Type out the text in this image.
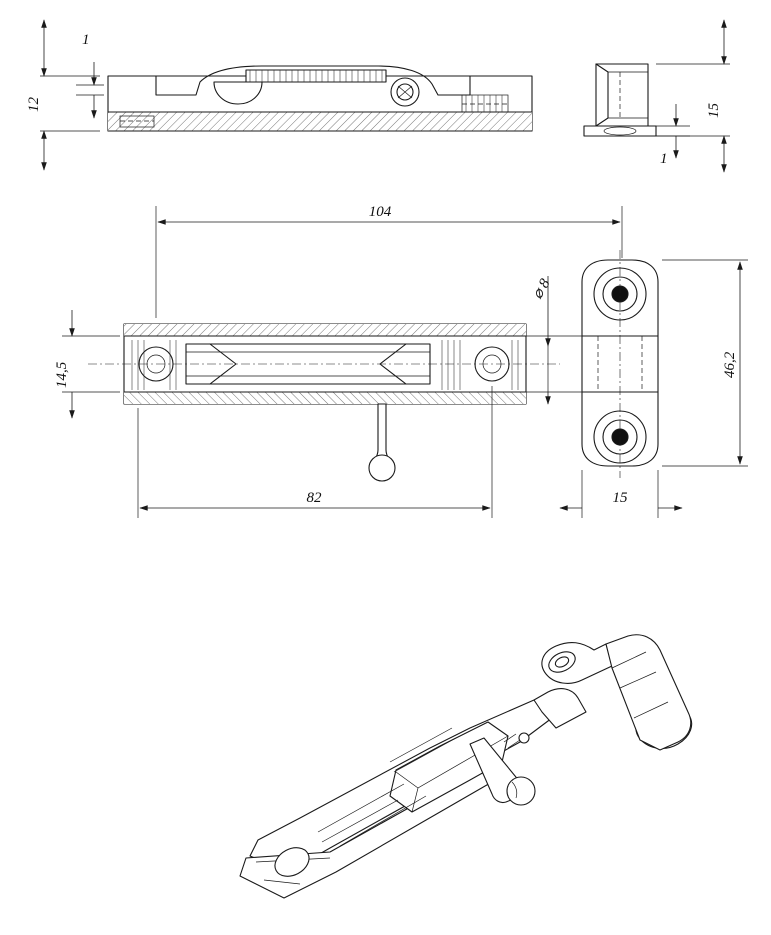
12
1
15
1
104
82
14,5
⌀ 8
46,2
15
